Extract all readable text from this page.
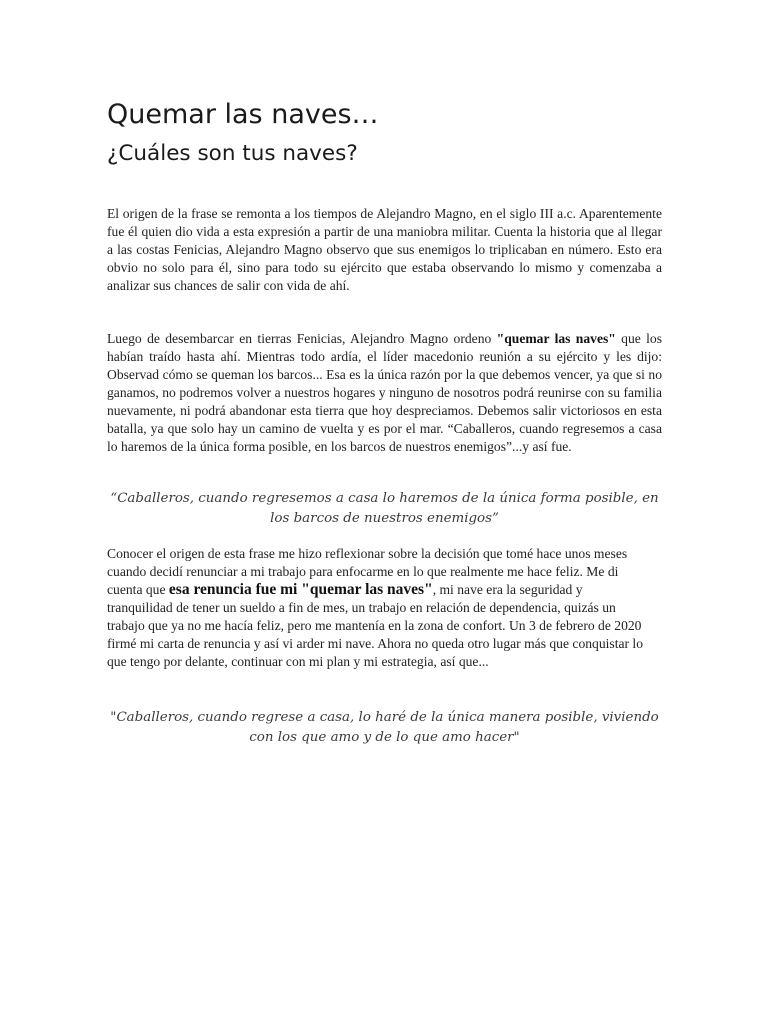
Quemar las naves…
¿Cuáles son tus naves?

El origen de la frase se remonta a los tiempos de Alejandro Magno, en el siglo III a.c. Aparentemente fue él quien dio vida a esta expresión a partir de una maniobra militar. Cuenta la historia que al llegar a las costas Fenicias, Alejandro Magno observo que sus enemigos lo triplicaban en número. Esto era obvio no solo para él, sino para todo su ejército que estaba observando lo mismo y comenzaba a analizar sus chances de salir con vida de ahí.

Luego de desembarcar en tierras Fenicias, Alejandro Magno ordeno "quemar las naves" que los habían traído hasta ahí. Mientras todo ardía, el líder macedonio reunión a su ejército y les dijo: Observad cómo se queman los barcos... Esa es la única razón por la que debemos vencer, ya que si no ganamos, no podremos volver a nuestros hogares y ninguno de nosotros podrá reunirse con su familia nuevamente, ni podrá abandonar esta tierra que hoy despreciamos. Debemos salir victoriosos en esta batalla, ya que solo hay un camino de vuelta y es por el mar. “Caballeros, cuando regresemos a casa lo haremos de la única forma posible, en los barcos de nuestros enemigos”...y así fue.

“Caballeros, cuando regresemos a casa lo haremos de la única forma posible, en los barcos de nuestros enemigos”

Conocer el origen de esta frase me hizo reflexionar sobre la decisión que tomé hace unos meses cuando decidí renunciar a mi trabajo para enfocarme en lo que realmente me hace feliz. Me di cuenta que esa renuncia fue mi "quemar las naves", mi nave era la seguridad y tranquilidad de tener un sueldo a fin de mes, un trabajo en relación de dependencia, quizás un trabajo que ya no me hacía feliz, pero me mantenía en la zona de confort. Un 3 de febrero de 2020 firmé mi carta de renuncia y así vi arder mi nave. Ahora no queda otro lugar más que conquistar lo que tengo por delante, continuar con mi plan y mi estrategia, así que...

"Caballeros, cuando regrese a casa, lo haré de la única manera posible, viviendo con los que amo y de lo que amo hacer"
